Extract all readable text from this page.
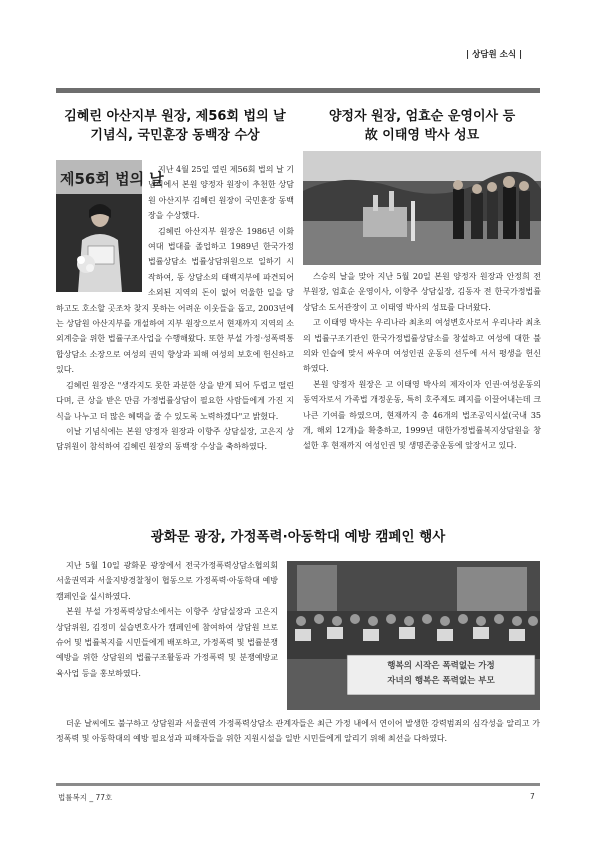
| 상담원 소식 |
김혜린 아산지부 원장, 제56회 법의 날
기념식, 국민훈장 동백장 수상
제56회 법의 날

지난 4월 25일 열린 제56회 법의 날 기념식에서 본원 양정자 원장이 추천한 상담원 아산지부 김혜린 원장이 국민훈장 동백장을 수상했다.

김혜린 아산지부 원장은 1986년 이화여대 법대를 졸업하고 1989년 한국가정법률상담소 법률상담위원으로 일하기 시작하여, 동 상담소의 태백지부에 파견되어 소외된 지역의 돈이 없어 억울한 일을 당하고도 호소할 곳조차 찾지 못하는 어려운 이웃들을 돕고, 2003년에는 상담원 아산지부를 개설하여 지부 원장으로서 현재까지 지역의 소외계층을 위한 법률구조사업을 수행해왔다. 또한 부설 가정·성폭력통합상담소 소장으로 여성의 권익 향상과 피해 여성의 보호에 헌신하고 있다.

김혜린 원장은 "생각지도 못한 과분한 상을 받게 되어 두렵고 떨린다며, 큰 상을 받은 만큼 가정법률상담이 필요한 사람들에게 가진 지식을 나누고 더 많은 혜택을 줄 수 있도록 노력하겠다"고 밝혔다.

이날 기념식에는 본원 양정자 원장과 이향주 상담실장, 고은지 상담위원이 참석하여 김혜린 원장의 동백장 수상을 축하하였다.

양정자 원장, 엄효순 운영이사 등
故 이태영 박사 성묘

스승의 날을 맞아 지난 5월 20일 본원 양정자 원장과 안정희 전 부원장, 엄효순 운영이사, 이향주 상담실장, 김동자 전 한국가정법률상담소 도서관장이 고 이태영 박사의 성묘를 다녀왔다.

고 이태영 박사는 우리나라 최초의 여성변호사로서 우리나라 최초의 법률구조기관인 한국가정법률상담소를 창설하고 여성에 대한 불의와 인습에 맞서 싸우며 여성인권 운동의 선두에 서서 평생을 헌신하였다.

본원 양정자 원장은 고 이태영 박사의 제자이자 인권·여성운동의 동역자로서 가족법 개정운동, 특히 호주제도 폐지를 이끌어내는데 크나큰 기여를 하였으며, 현재까지 총 46개의 법조공익시설(국내 35개, 해외 12개)을 확충하고, 1999년 대한가정법률복지상담원을 창설한 후 현재까지 여성인권 및 생명존중운동에 앞장서고 있다.

광화문 광장, 가정폭력·아동학대 예방 캠페인 행사

지난 5월 10일 광화문 광장에서 전국가정폭력상담소협의회 서울권역과 서울지방경찰청이 협동으로 가정폭력·아동학대 예방 캠페인을 실시하였다.

본원 부설 가정폭력상담소에서는 이향주 상담실장과 고은지 상담위원, 김정미 실습변호사가 캠페인에 참여하여 상담원 브로슈어 및 법률복지를 시민들에게 배포하고, 가정폭력 및 법률분쟁 예방을 위한 상담원의 법률구조활동과 가정폭력 및 분쟁예방교육사업 등을 홍보하였다.

행복의 시작은 폭력없는 가정
자녀의 행복은 폭력없는 부모

더운 날씨에도 불구하고 상담원과 서울권역 가정폭력상담소 관계자들은 최근 가정 내에서 연이어 발생한 강력범죄의 심각성을 알리고 가정폭력 및 아동학대의 예방 필요성과 피해자들을 위한 지원시설을 일반 시민들에게 알리기 위해 최선을 다하였다.

법률복지 _ 77호	7
